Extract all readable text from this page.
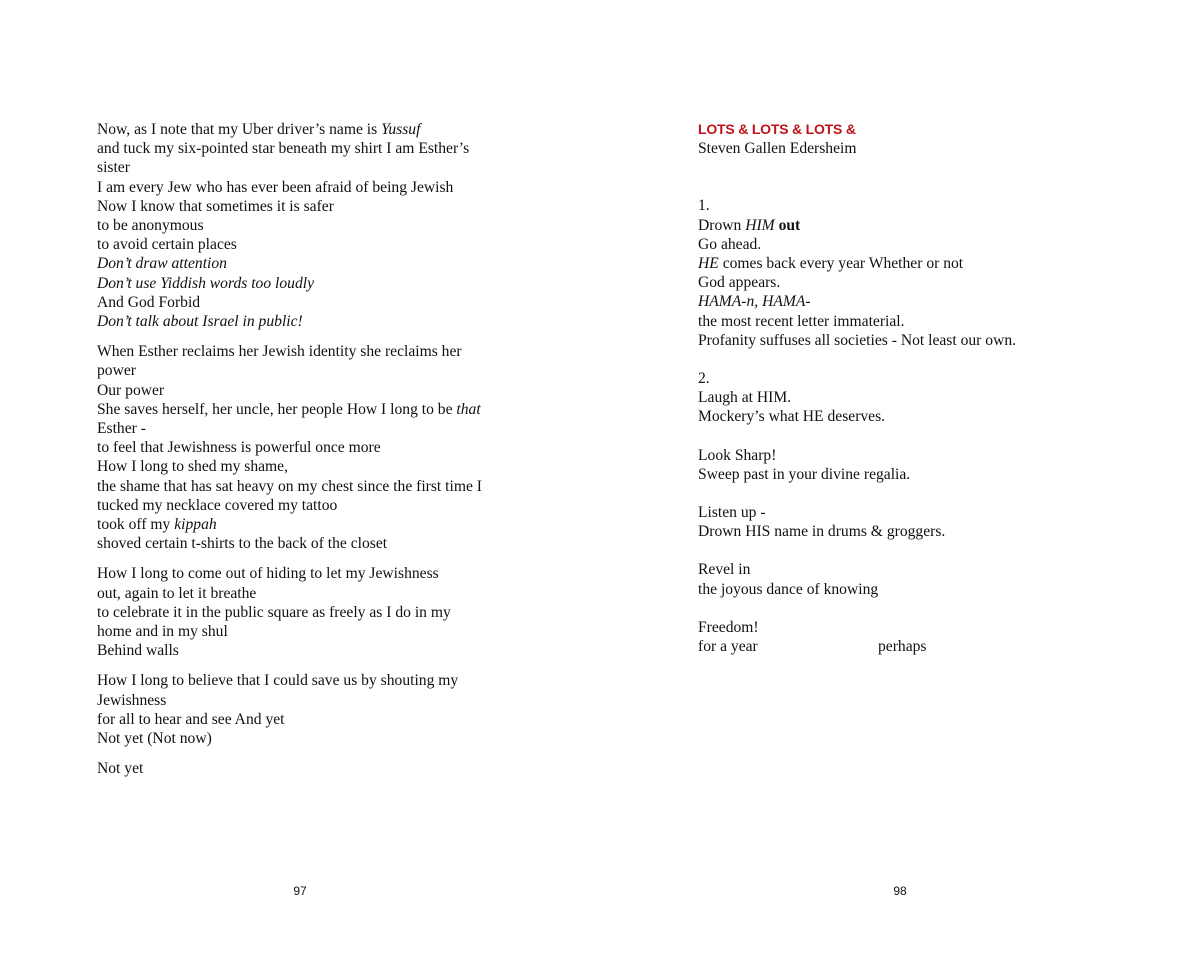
Now, as I note that my Uber driver’s name is Yussuf
and tuck my six-pointed star beneath my shirt I am Esther’s
sister
I am every Jew who has ever been afraid of being Jewish
Now I know that sometimes it is safer
to be anonymous
to avoid certain places
Don’t draw attention
Don’t use Yiddish words too loudly
And God Forbid
Don’t talk about Israel in public!
When Esther reclaims her Jewish identity she reclaims her
power
Our power
She saves herself, her uncle, her people How I long to be that
Esther -
to feel that Jewishness is powerful once more
How I long to shed my shame,
the shame that has sat heavy on my chest since the first time I
tucked my necklace covered my tattoo
took off my kippah
shoved certain t-shirts to the back of the closet
How I long to come out of hiding to let my Jewishness
out, again to let it breathe
to celebrate it in the public square as freely as I do in my
home and in my shul
Behind walls
How I long to believe that I could save us by shouting my
Jewishness
for all to hear and see And yet
Not yet (Not now)
Not yet
97
LOTS & LOTS & LOTS &
Steven Gallen Edersheim
1.
Drown HIM out
Go ahead.
HE comes back every year Whether or not
God appears.
HAMA-n, HAMA-
the most recent letter immaterial.
Profanity suffuses all societies - Not least our own.
2.
Laugh at HIM.
Mockery’s what HE deserves.
Look Sharp!
Sweep past in your divine regalia.
Listen up -
Drown HIS name in drums & groggers.
Revel in
the joyous dance of knowing
Freedom!
for a year	perhaps
98
